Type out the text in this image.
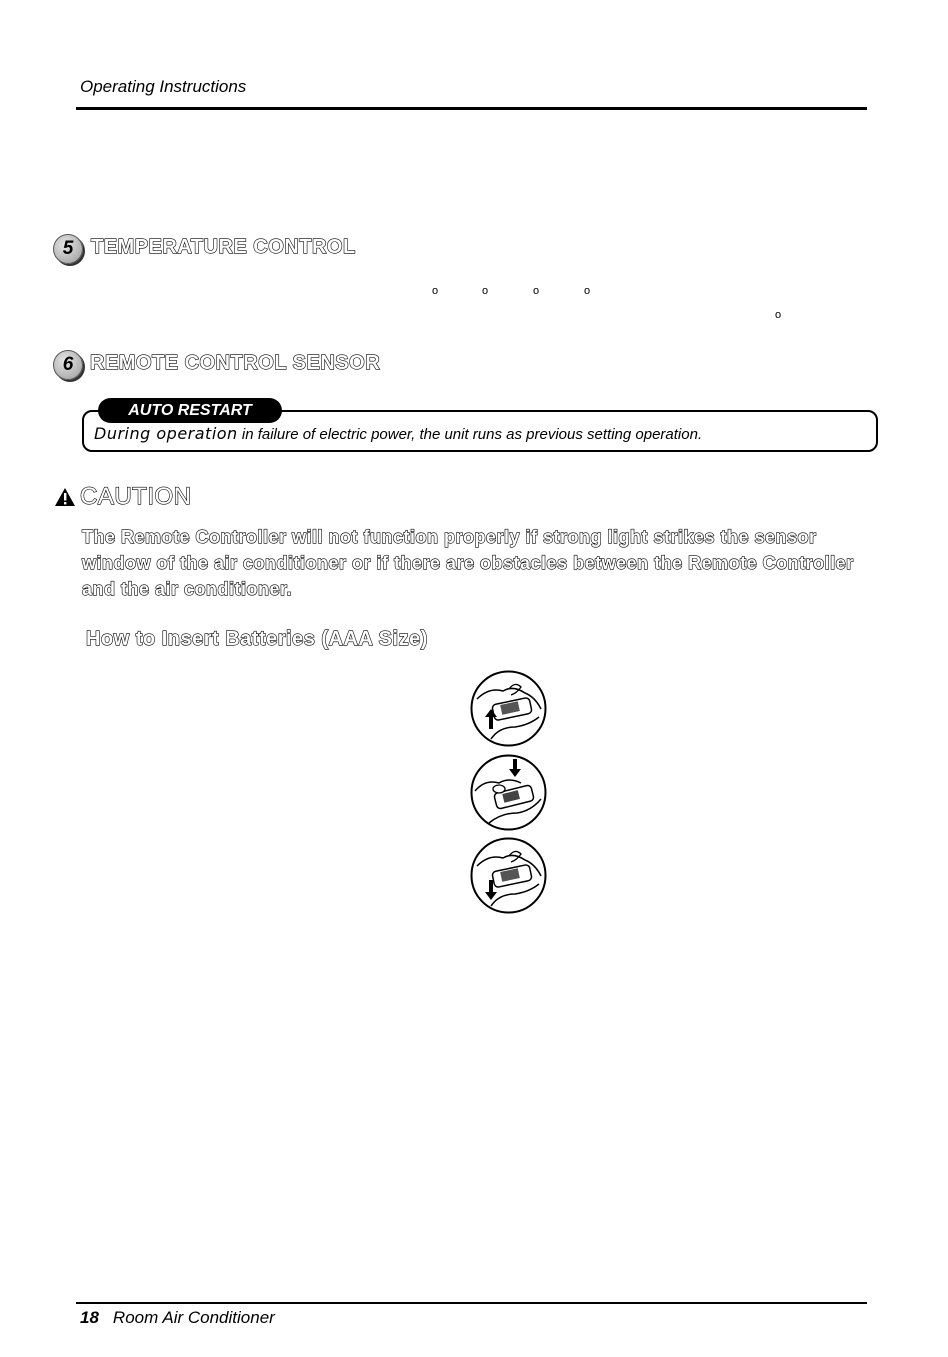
Operating Instructions
5 TEMPERATURE CONTROL
o	o	o	o
o
6 REMOTE CONTROL SENSOR
AUTO RESTART
During operation in failure of electric power, the unit runs as previous setting operation.
CAUTION
The Remote Controller will not function properly if strong light strikes the sensor window of the air conditioner or if there are obstacles between the Remote Controller and the air conditioner.
How to Insert Batteries (AAA Size)
18 Room Air Conditioner
